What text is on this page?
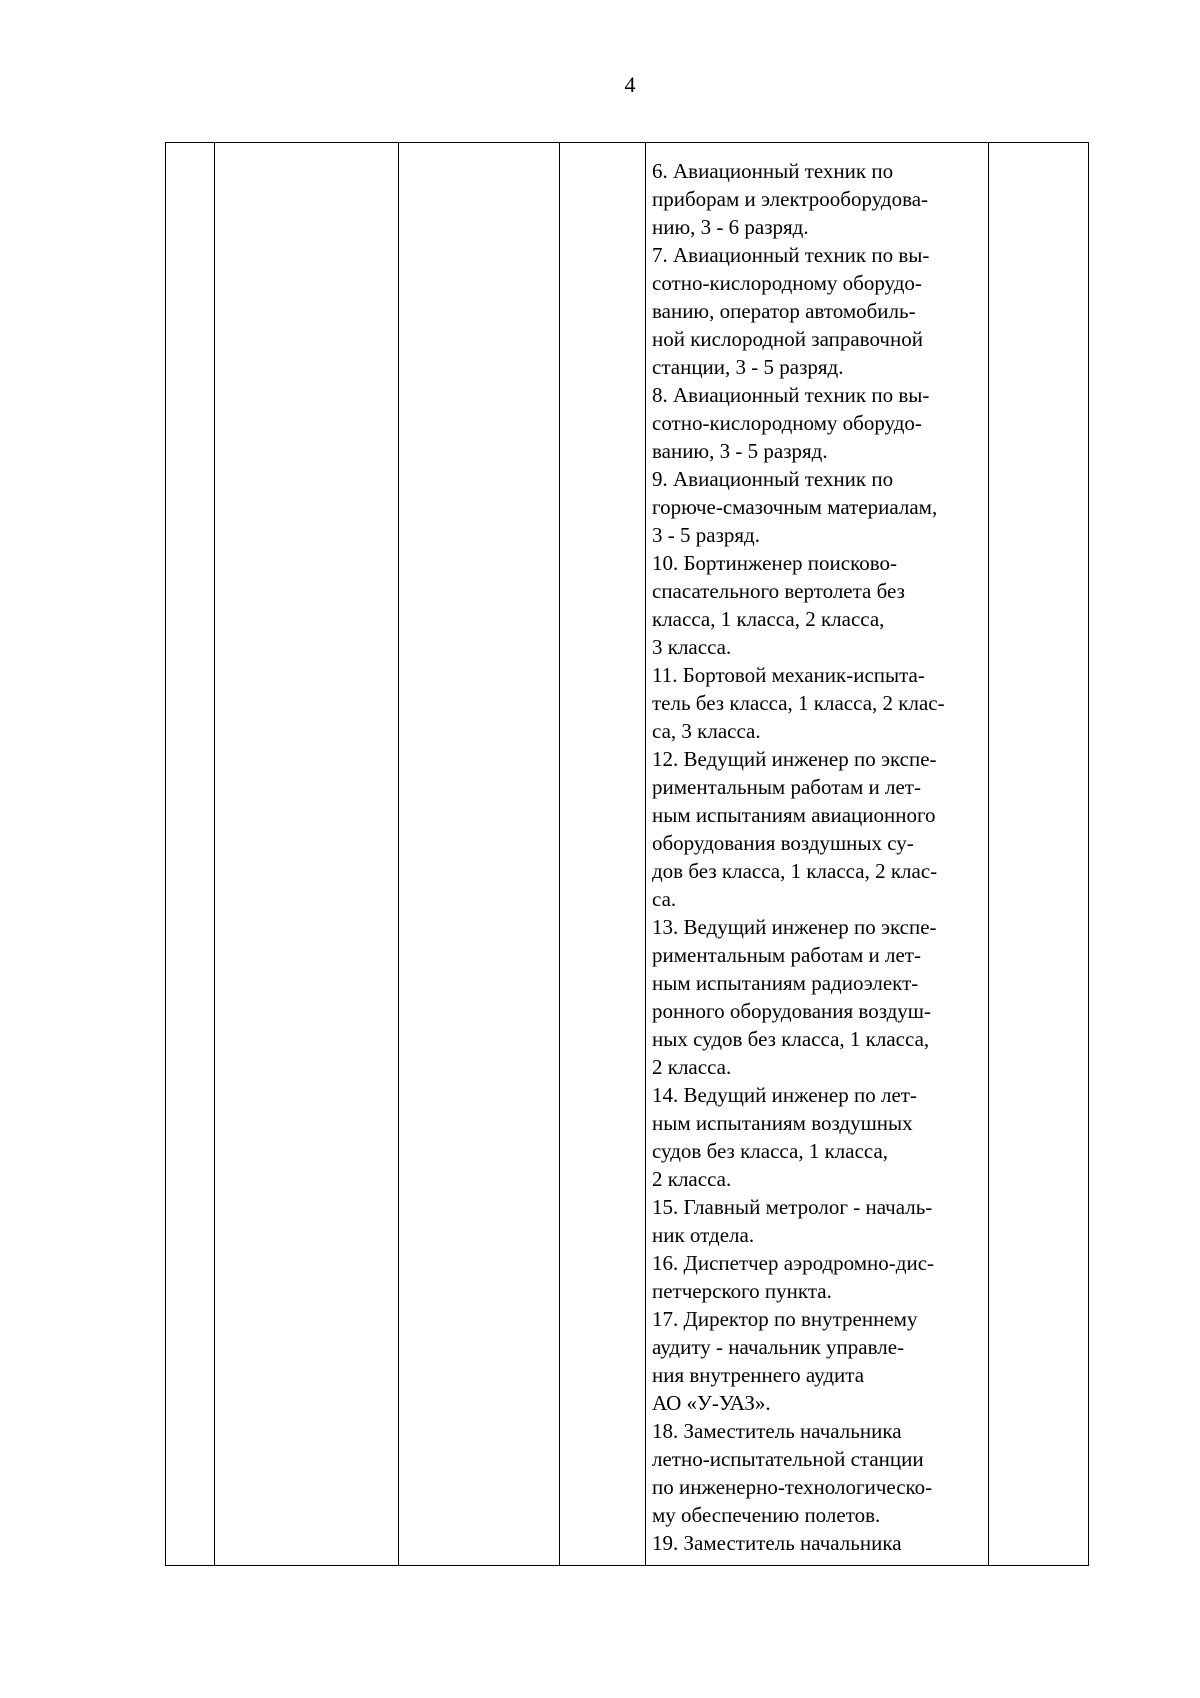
4

6. Авиационный техник по
приборам и электрооборудова-
нию, 3 - 6 разряд.

7. Авиационный техник по вы-
сотно-кислородному оборудо-
ванию, оператор автомобиль-
ной кислородной заправочной
станции, 3 - 5 разряд.

8. Авиационный техник по вы-
сотно-кислородному оборудо-
ванию, 3 - 5 разряд.

9. Авиационный техник по
горюче-смазочным материалам,
3 - 5 разряд.

10. Бортинженер поисково-
спасательного вертолета без
класса, 1 класса, 2 класса,
3 класса.

11. Бортовой механик-испыта-
тель без класса, 1 класса, 2 клас-
са, 3 класса.

12. Ведущий инженер по экспе-
риментальным работам и лет-
ным испытаниям авиационного
оборудования воздушных су-
дов без класса, 1 класса, 2 клас-
са.

13. Ведущий инженер по экспе-
риментальным работам и лет-
ным испытаниям радиоэлект-
ронного оборудования воздуш-
ных судов без класса, 1 класса,
2 класса.

14. Ведущий инженер по лет-
ным испытаниям воздушных
судов без класса, 1 класса,
2 класса.

15. Главный метролог - началь-
ник отдела.

16. Диспетчер аэродромно-дис-
петчерского пункта.

17. Директор по внутреннему
аудиту - начальник управле-
ния внутреннего аудита
АО «У-УАЗ».

18. Заместитель начальника
летно-испытательной станции
по инженерно-технологическо-
му обеспечению полетов.

19. Заместитель начальника
